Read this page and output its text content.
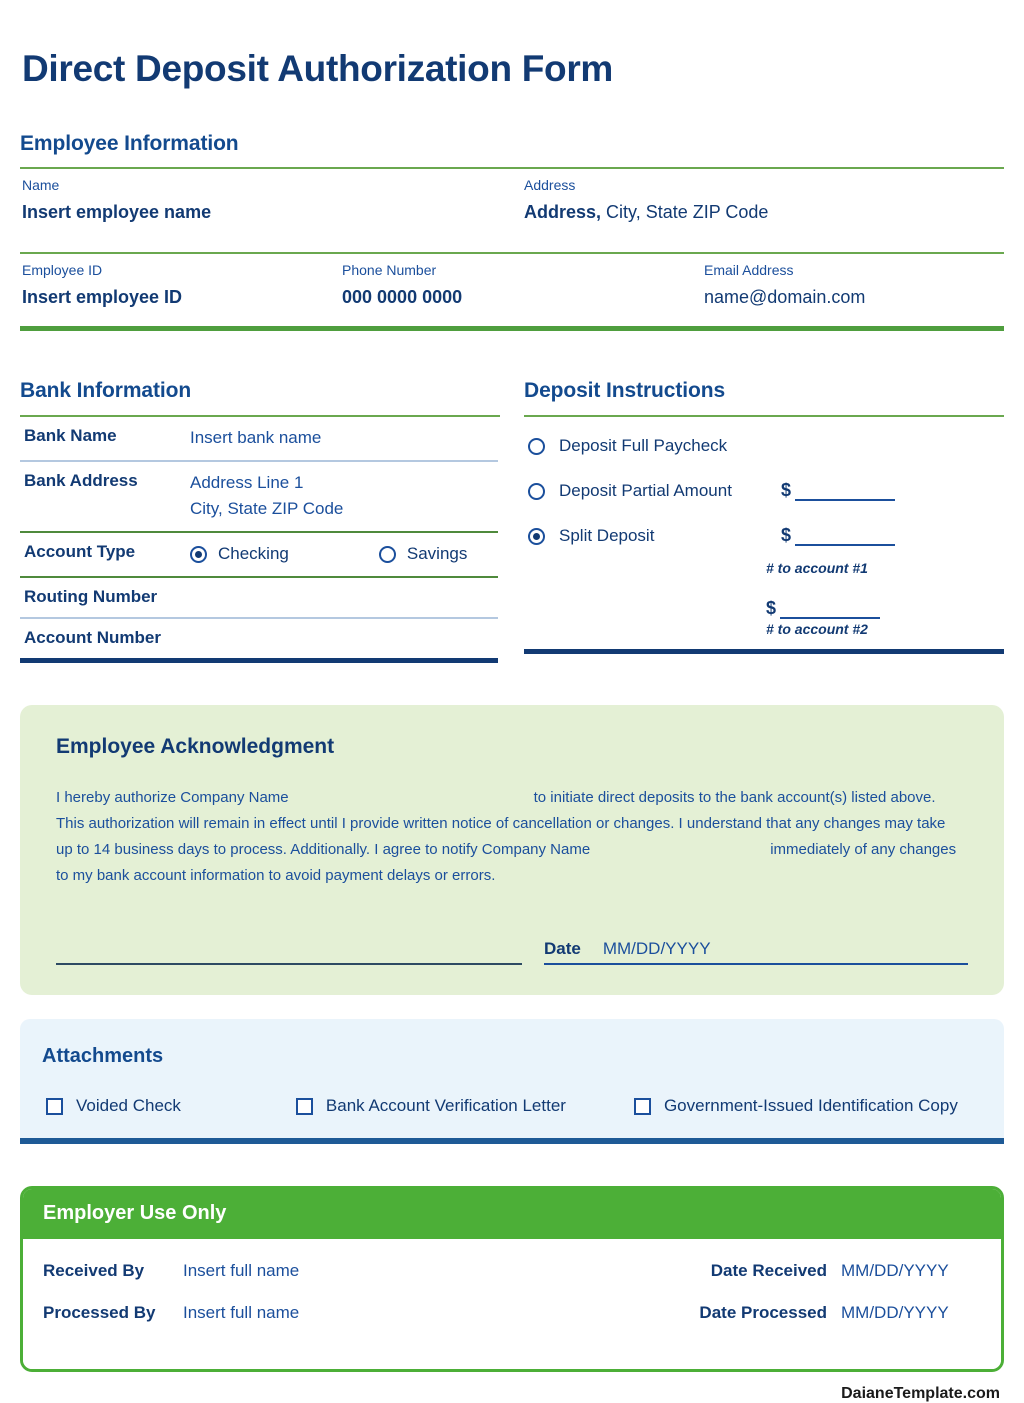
Direct Deposit Authorization Form
Employee Information
Name
Insert employee name
Address
Address, City, State ZIP Code
Employee ID
Insert employee ID
Phone Number
000 0000 0000
Email Address
name@domain.com
Bank Information
Bank Name	Insert bank name
Bank Address	Address Line 1
City, State ZIP Code
Account Type	Checking	Savings
Routing Number
Account Number
Deposit Instructions
Deposit Full Paycheck
Deposit Partial Amount	$
Split Deposit	$
# to account #1
$
# to account #2
Employee Acknowledgment
I hereby authorize Company Name	to initiate direct deposits to the bank account(s) listed above. This authorization will remain in effect until I provide written notice of cancellation or changes. I understand that any changes may take up to 14 business days to process. Additionally. I agree to notify Company Name	immediately of any changes to my bank account information to avoid payment delays or errors.
Date MM/DD/YYYY
Attachments
Voided Check	Bank Account Verification Letter	Government-Issued Identification Copy
Employer Use Only
Received By	Insert full name	Date Received MM/DD/YYYY
Processed By	Insert full name	Date Processed MM/DD/YYYY
DaianeTemplate.com
